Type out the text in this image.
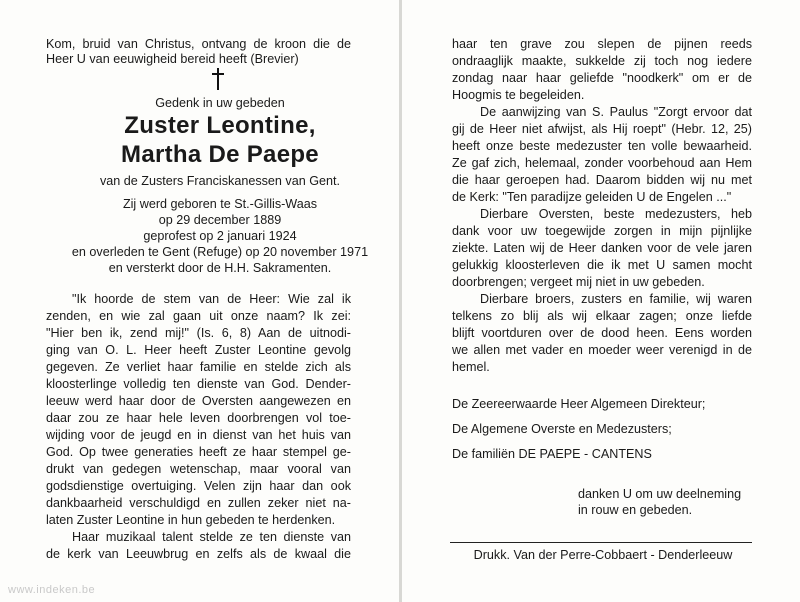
Kom, bruid van Christus, ontvang de kroon die de
Heer U van eeuwigheid bereid heeft (Brevier)
Gedenk in uw gebeden
Zuster Leontine,
Martha De Paepe
van de Zusters Franciskanessen van Gent.
Zij werd geboren te St.-Gillis-Waas
op 29 december 1889
geprofest op 2 januari 1924
en overleden te Gent (Refuge) op 20 november 1971
en versterkt door de H.H. Sakramenten.
"Ik hoorde de stem van de Heer: Wie zal ik
zenden, en wie zal gaan uit onze naam? Ik zei:
"Hier ben ik, zend mij!" (Is. 6, 8) Aan de uitnodi-
ging van O. L. Heer heeft Zuster Leontine gevolg
gegeven. Ze verliet haar familie en stelde zich als
kloosterlinge volledig ten dienste van God. Dender-
leeuw werd haar door de Oversten aangewezen en
daar zou ze haar hele leven doorbrengen vol toe-
wijding voor de jeugd en in dienst van het huis van
God. Op twee generaties heeft ze haar stempel ge-
drukt van gedegen wetenschap, maar vooral van
godsdienstige overtuiging. Velen zijn haar dan ook
dankbaarheid verschuldigd en zullen zeker niet na-
laten Zuster Leontine in hun gebeden te herdenken.
Haar muzikaal talent stelde ze ten dienste van
de kerk van Leeuwbrug en zelfs als de kwaal die
www.indeken.be
haar ten grave zou slepen de pijnen reeds
ondraaglijk maakte, sukkelde zij toch nog iedere
zondag naar haar geliefde "noodkerk" om er de
Hoogmis te begeleiden.
De aanwijzing van S. Paulus "Zorgt ervoor dat
gij de Heer niet afwijst, als Hij roept" (Hebr. 12, 25)
heeft onze beste medezuster ten volle bewaarheid.
Ze gaf zich, helemaal, zonder voorbehoud aan Hem
die haar geroepen had. Daarom bidden wij nu met
de Kerk: "Ten paradijze geleiden U de Engelen ..."
Dierbare Oversten, beste medezusters, heb
dank voor uw toegewijde zorgen in mijn pijnlijke
ziekte. Laten wij de Heer danken voor de vele jaren
gelukkig kloosterleven die ik met U samen mocht
doorbrengen; vergeet mij niet in uw gebeden.
Dierbare broers, zusters en familie, wij waren
telkens zo blij als wij elkaar zagen; onze liefde
blijft voortduren over de dood heen. Eens worden
we allen met vader en moeder weer verenigd in de
hemel.
De Zeereerwaarde Heer Algemeen Direkteur;
De Algemene Overste en Medezusters;
De familiën DE PAEPE - CANTENS
danken U om uw deelneming
in rouw en gebeden.
Drukk. Van der Perre-Cobbaert - Denderleeuw
